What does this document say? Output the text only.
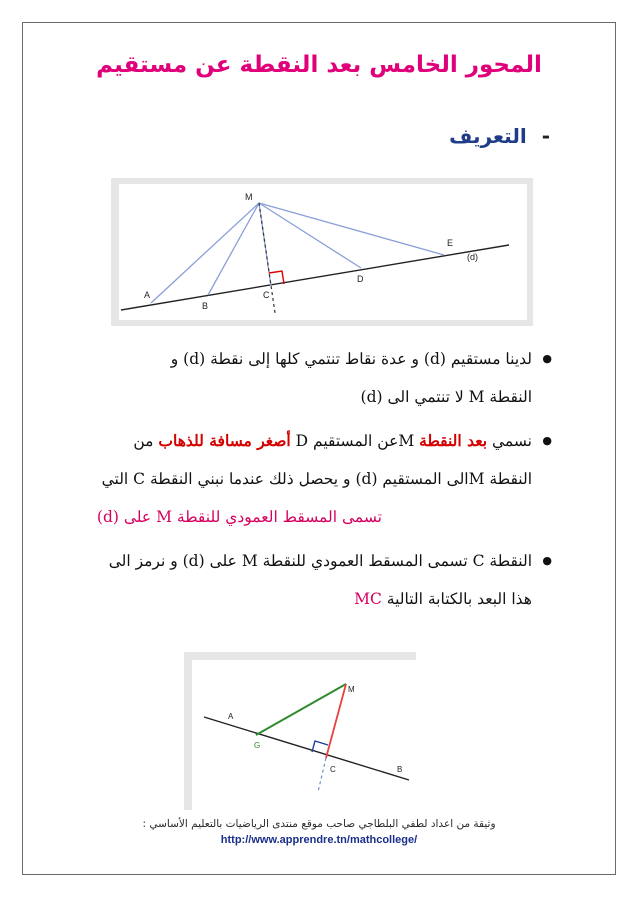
المحور الخامس بعد النقطة عن مستقيم
- التعريف
M
A
B
C
D
E
(d)
● لدينا مستقيم (d) و عدة نقاط تنتمي كلها إلى نقطة (d) و
النقطة M لا تنتمي الى (d)
● نسمي بعد النقطة Mعن المستقيم D أصغر مسافة للذهاب من
النقطة Mالى المستقيم (d) و يحصل ذلك عندما نبني النقطة C التي
تسمى المسقط العمودي للنقطة M على (d)
● النقطة C تسمى المسقط العمودي للنقطة M على (d) و نرمز الى
هذا البعد بالكتابة التالية MC
M
A
G
C	B
وثيقة من اعداد لطفي البلطاجي صاحب موقع منتدى الرياضيات بالتعليم الأساسي :
http://www.apprendre.tn/mathcollege/
